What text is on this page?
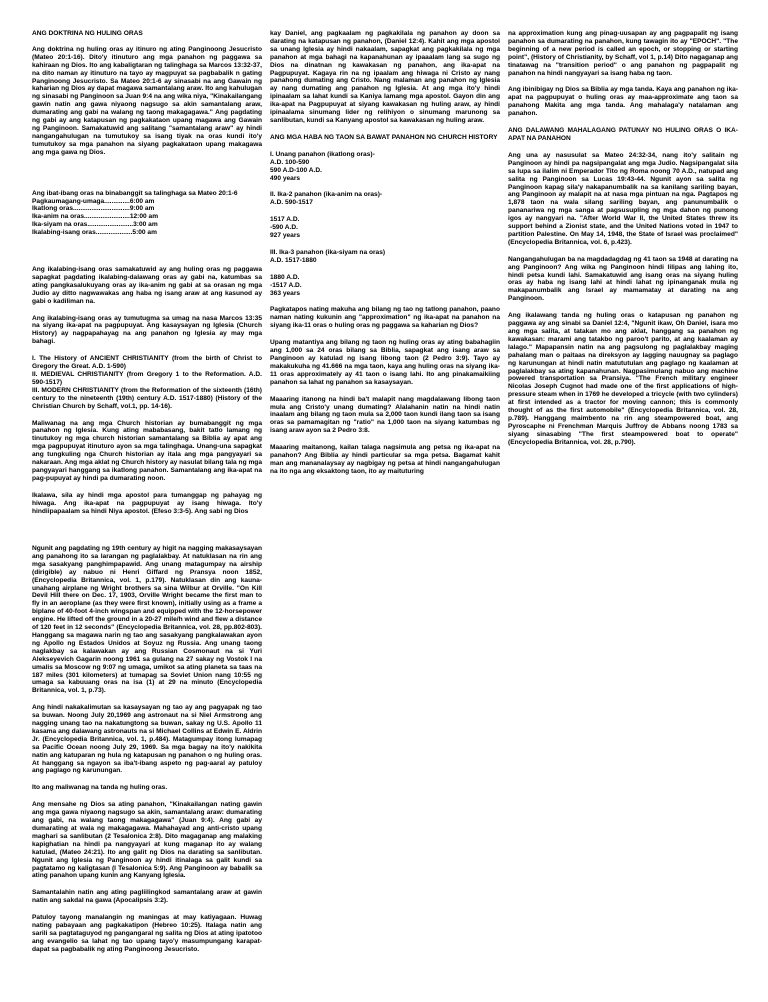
ANG DOKTRINA NG HULING ORAS

Ang doktrina ng huling oras ay itinuro ng ating Panginoong Jesucristo (Mateo 20:1-16). Dito'y itinuturo ang mga panahon ng paggawa sa kahiraan ng Dios. Ito ang kabaligtaran ng talinghaga sa Marcos 13:32-37, na dito naman ay itinuturo na tayo ay magpuyat sa pagbabalik n gating Panginoong Jesucristo. Sa Mateo 20:1-6 ay sinasabi na ang Gawain ng kaharian ng Dios ay dapat magawa samantalang araw. Ito ang kahulugan ng sinasabi ng Panginoon sa Juan 9:4 na ang wika niya, "Kinakailangang gawin natin ang gawa niyaong nagsugo sa akin samantalang araw, dumarating ang gabi na walang ng taong makagagawa." Ang pagdating ng gabi ay ang katapusan ng pagkakataon upang magawa ang Gawain ng Panginoon. Samakatuwid ang salitang "samantalang araw" ay hindi nangangahulugan na tumutukoy sa isang tiyak na oras kundi ito'y tumutukoy sa mga panahon na siyang pagkakataon upang makagawa ang mga gawa ng Dios.

Ang ibat-ibang oras na binabanggit sa talinghaga sa Mateo 20:1-6
Pagkaumagang-umaga..............6:00 am
Ikatlong oras...............................9:00 am
Ika-anim na oras.........................12:00 am
Ika-siyam na oras.........................3:00 am
Ikalabing-isang oras....................5:00 am

Ang ikalabing-isang oras samakatuwid ay ang huling oras ng paggawa sapagkat pagdating ikalabing-dalawang oras ay gabi na, katumbas sa ating pangkasalukuyang oras ay ika-anim ng gabi at sa orasan ng mga Judio ay ditto nagwawakas ang haba ng isang araw at ang kasunod ay gabi o kadiliman na.

Ang ikalabing-isang oras ay tumutugma sa umag na nasa Marcos 13:35 na siyang ika-apat na pagpupuyat. Ang kasaysayan ng Iglesia (Church History) ay nagpapahayag na ang panahon ng Iglesia ay may mga bahagi.

I. The History of ANCIENT CHRISTIANITY (from the birth of Christ to Gregory the Great. A.D. 1-590)
II. MEDIEVAL CHRISTIANITY (from Gregory 1 to the Reformation. A.D. 590-1517)
III. MODERN CHRISTIANITY (from the Reformation of the sixteenth (16th) century to the nineteenth (19th) century A.D. 1517-1880) (History of the Christian Church by Schaff, vol.1, pp. 14-16).

Maliwanag na ang mga Church historian ay bumabanggit ng mga panahon ng Iglesia. Kung ating mababasang, bakit tatlo lamang ng tinutukoy ng mga church historian samantalang sa Biblia ay apat ang mga pagpupuyat itinuturo ayon sa mga talinghaga. Unang-una sapagkat ang tungkuling nga Church historian ay itala ang mga pangyayari sa nakaraan. Ang mga aklat ng Church history ay nasulat bilang tala ng mga pangyayari hanggang sa ikatlong panahon. Samantalang ang ika-apat na pag-pupuyat ay hindi pa dumarating noon.

Ikalawa, sila ay hindi mga apostol para tumanggap ng pahayag ng hiwaga. Ang ika-apat na pagpupuyat ay isang hiwaga. Ito'y hindiipapaalam sa hindi Niya apostol. (Efeso 3:3-5). Ang sabi ng Dios

Ngunit ang pagdating ng 19th century ay higit na nagging makasaysayan ang panahong ito sa larangan ng paglalakbay. At natuklasan na rin ang mga sasakyang panghimpapawid. Ang unang matagumpay na airship (dirigible) ay nabuo ni Henri Giffard ng Pransya noon 1852, (Encyclopedia Britannica, vol. 1, p.179). Natuklasan din ang kauna-unahang airplane ng Wright brothers sa sina Wilbur at Orville. "On Kill Devil Hill there on Dec. 17, 1903, Orville Wright became the first man to fly in an aeroplane (as they were first known), initially using as a frame a biplane of 40-foot 4-inch wingspan and equipped with the 12-horsepower engine. He lifted off the ground in a 20-27 mile/h wind and flew a distance of 120 feet in 12 seconds" (Encyclopedia Britannica, vol. 28, pp.802-803). Hanggang sa magawa narin ng tao ang sasakyang pangkalawakan ayon ng Apollo ng Estados Unidos at Soyuz ng Russia. Ang unang taong naglakbay sa kalawakan ay ang Russian Cosmonaut na si Yuri Alekseyevich Gagarin noong 1961 sa gulang na 27 sakay ng Vostok I na umalis sa Moscow ng 9:07 ng umaga, umikot sa ating planeta sa taas na 187 miles (301 kilometers) at tumapag sa Soviet Union nang 10:55 ng umaga sa kabuuang oras na isa (1) at 29 na minuto (Encyclopedia Britannica, vol. 1, p.73).

Ang hindi nakakalimutan sa kasaysayan ng tao ay ang pagyapak ng tao sa buwan. Noong July 20,1969 ang astronaut na si Niel Armstrong ang nagging unang tao na nakatungtong sa buwan, sakay ng U.S. Apollo 11 kasama ang dalawang astronauts na si Michael Collins at Edwin E. Aldrin Jr. (Encyclopedia Britannica, vol. 1, p.484). Matagumpay itong lumapag sa Pacific Ocean noong July 29, 1969. Sa mga bagay na ito'y nakikita natin ang katuparan ng hula ng katapusan ng panahon o ng huling oras. At hanggang sa ngayon sa iba't-ibang aspeto ng pag-aaral ay patuloy ang paglago ng karunungan.

Ito ang maliwanag na tanda ng huling oras.

Ang mensahe ng Dios sa ating panahon, "Kinakailangan nating gawin ang mga gawa niyaong nagsugo sa akin, samantalang araw: dumarating ang gabi, na walang taong makagagawa" (Juan 9:4). Ang gabi ay dumarating at wala ng makagagawa. Mahahayad ang anti-cristo upang maghari sa sanlibutan (2 Tesalonica 2:8). Dito magaganap ang malaking kapighatian na hindi pa nangyayari at kung maganap ito ay walang katulad, (Mateo 24:21). Ito ang galit ng Dios na darating sa sanlibutan. Ngunit ang Iglesia ng Panginoon ay hindi itinalaga sa galit kundi sa pagtatamo ng kaligtasan (I Tesalonica 5:9). Ang Panginoon ay babalik sa ating panahon upang kunin ang Kanyang Iglesia.

Samantalahin natin ang ating pagliilingkod samantalang araw at gawin natin ang sakdal na gawa (Apocalipsis 3:2).

Patuloy tayong manalangin ng maningas at may katiyagaan. Huwag nating pabayaan ang pagkakatipon (Hebreo 10:25). Italaga natin ang sarili sa pagtataguyod ng pangangaral ng salita ng Dios at ating ipatotoo ang evangelio sa lahat ng tao upang tayo'y masumpungang karapat-dapat sa pagbabalik ng ating Panginoong Jesucristo.

kay Daniel, ang pagkaalam ng pagkakilala ng panahon ay doon sa darating na katapusan ng panahon, (Daniel 12:4). Kahit ang mga apostol sa unang Iglesia ay hindi nakaalam, sapagkat ang pagkakilala ng mga panahon at mga bahagi na kapanahunan ay ipaaalam lang sa sugo ng Dios na dinatnan ng kawakasan ng panahon, ang ika-apat na Pagpupuyat. Kagaya rin na ng ipaalam ang hiwaga ni Cristo ay nang panahong dumating ang Cristo. Nang malaman ang panahon ng Iglesia ay nang dumating ang panahon ng Iglesia. At ang mga ito'y hindi ipinaalam sa lahat kundi sa Kaniya lamang mga apostol. Gayon din ang ika-apat na Pagpupuyat at siyang kawakasan ng huling araw, ay hindi ipinaalama sinumang lider ng relihiyon o sinumang marunong sa sanlibutan, kundi sa Kanyang apostol sa kawakasan ng huling araw.

ANG MGA HABA NG TAON SA BAWAT PANAHON NG CHURCH HISTORY

I. Unang panahon (ikatlong oras)-
A.D. 100-590
590 A.D-100 A.D.
490 years

II. Ika-2 panahon (ika-anim na oras)-
A.D. 590-1517

1517 A.D.
-590 A.D.
927 years

III. Ika-3 panahon (ika-siyam na oras)
A.D. 1517-1880

1880 A.D.
-1517 A.D.
363 years

Pagkatapos nating makuha ang bilang ng tao ng tatlong panahon, paano naman nating kukunin ang "approximation" ng ika-apat na panahon na siyang ika-11 oras o huling oras ng paggawa sa kaharian ng Dios?

Upang matantiya ang bilang ng taon ng huling oras ay ating babahagiin ang 1,000 sa 24 oras bilang sa Biblia, sapagkat ang isang araw sa Panginoon ay katulad ng isang libong taon (2 Pedro 3:9). Tayo ay makakukuha ng 41.666 na mga taon, kaya ang huling oras na siyang ika-11 oras approximately ay 41 taon o isang lahi. Ito ang pinakamaikiing panahon sa lahat ng panahon sa kasaysayan.

Maaaring itanong na hindi ba't malapit nang magdalawang libong taon mula ang Cristo'y unang dumating? Alalahanin natin na hindi natin inaalam ang bilang ng taon mula sa 2,000 taon kundi ilang taon sa isang oras sa pamamagitan ng "ratio" na 1,000 taon na siyang katumbas ng isang araw ayon sa 2 Pedro 3:8.

Maaaring maitanong, kailan talaga nagsimula ang petsa ng ika-apat na panahon? Ang Biblia ay hindi particular sa mga petsa. Bagamat kahit man ang mananalaysay ay nagbigay ng petsa at hindi nangangahulugan na ito nga ang eksaktong taon, ito ay maituturing

na approximation kung ang pinag-uusapan ay ang pagpapalit ng isang panahon sa dumarating na panahon, kung tawagin ito ay "EPOCH". "The beginning of a new period is called an epoch, or stopping or starting point", (History of Christianity, by Schaff, vol 1, p.14) Dito nagaganap ang tinatawag na "transition period" o ang panahon ng pagpapalit ng panahon na hindi nangyayari sa isang haba ng taon.

Ang ibinibigay ng Dios sa Biblia ay mga tanda. Kaya ang panahon ng ika-apat na pagpupuyat o huling oras ay maa-approximate ang taon sa panahong Makita ang mga tanda. Ang mahalaga'y natalaman ang panahon.

ANG DALAWANG MAHALAGANG PATUNAY NG HULING ORAS O IKA-APAT NA PANAHON

Ang una ay nasusulat sa Mateo 24:32-34, nang ito'y salitain ng Panginoon ay hindi pa nagsipangalat ang mga Judio. Nagsipangalat sila sa lupa sa ilalim ni Emperador Tito ng Roma noong 70 A.D., natupad ang salita ng Panginoon sa Lucas 19:43-44. Ngunit ayon sa salita ng Panginoon kapag sila'y nakapanumbalik na sa kanilang sariling bayan, ang Panginoon ay malapit na at nasa mga pintuan na nga. Pagtapos ng 1,878 taon na wala silang sariling bayan, ang panunumbalik o pananariwa ng mga sanga at pagsusupling ng mga dahon ng punong igos ay nangyari na. "After World War II, the United States threw its support behind a Zionist state, and the United Nations voted in 1947 to partition Palestine. On May 14, 1948, the State of Israel was proclaimed" (Encyclopedia Britannica, vol. 6, p.423).

Nangangahulugan ba na magdadagdag ng 41 taon sa 1948 at darating na ang Panginoon? Ang wika ng Panginoon hindi lilipas ang lahing ito, hindi petsa kundi lahi. Samakatuwid ang isang oras na siyang huling oras ay haba ng isang lahi at hindi lahat ng ipinanganak mula ng makapanumbalik ang Israel ay mamamatay at darating na ang Panginoon.

Ang ikalawang tanda ng huling oras o katapusan ng panahon ng paggawa ay ang sinabi sa Daniel 12:4, "Ngunit ikaw, Oh Daniel, isara mo ang mga salita, at tatakan mo ang aklat, hanggang sa panahon ng kawakasan: marami ang tatakbo ng paroo't parito, at ang kaalaman ay lalago." Mapapansin natin na ang pagsulong ng paglalakbay maging pahalang man o paitaas na direksyon ay lagging nauugnay sa paglago ng karunungan at hindi natin matututulan ang paglago ng kaalaman at paglalakbay sa ating kapanahunan. Nagpasimulang nabuo ang machine powered transportation sa Pransiya. "The French military engineer Nicolas Joseph Cugnot had made one of the first applications of high-pressure steam when in 1769 he developed a tricycle (with two cylinders) at first intended as a tractor for moving cannon; this is commonly thought of as the first automobile" (Encyclopedia Britannica, vol. 28, p.789). Hanggang maimbento na rin ang steampowered boat, ang Pyroscaphe ni Frenchman Marquis Juffroy de Abbans noong 1783 sa siyang sinasabing "The first steampowered boat to operate" (Encyclopedia Britannica, vol. 28, p.790).
